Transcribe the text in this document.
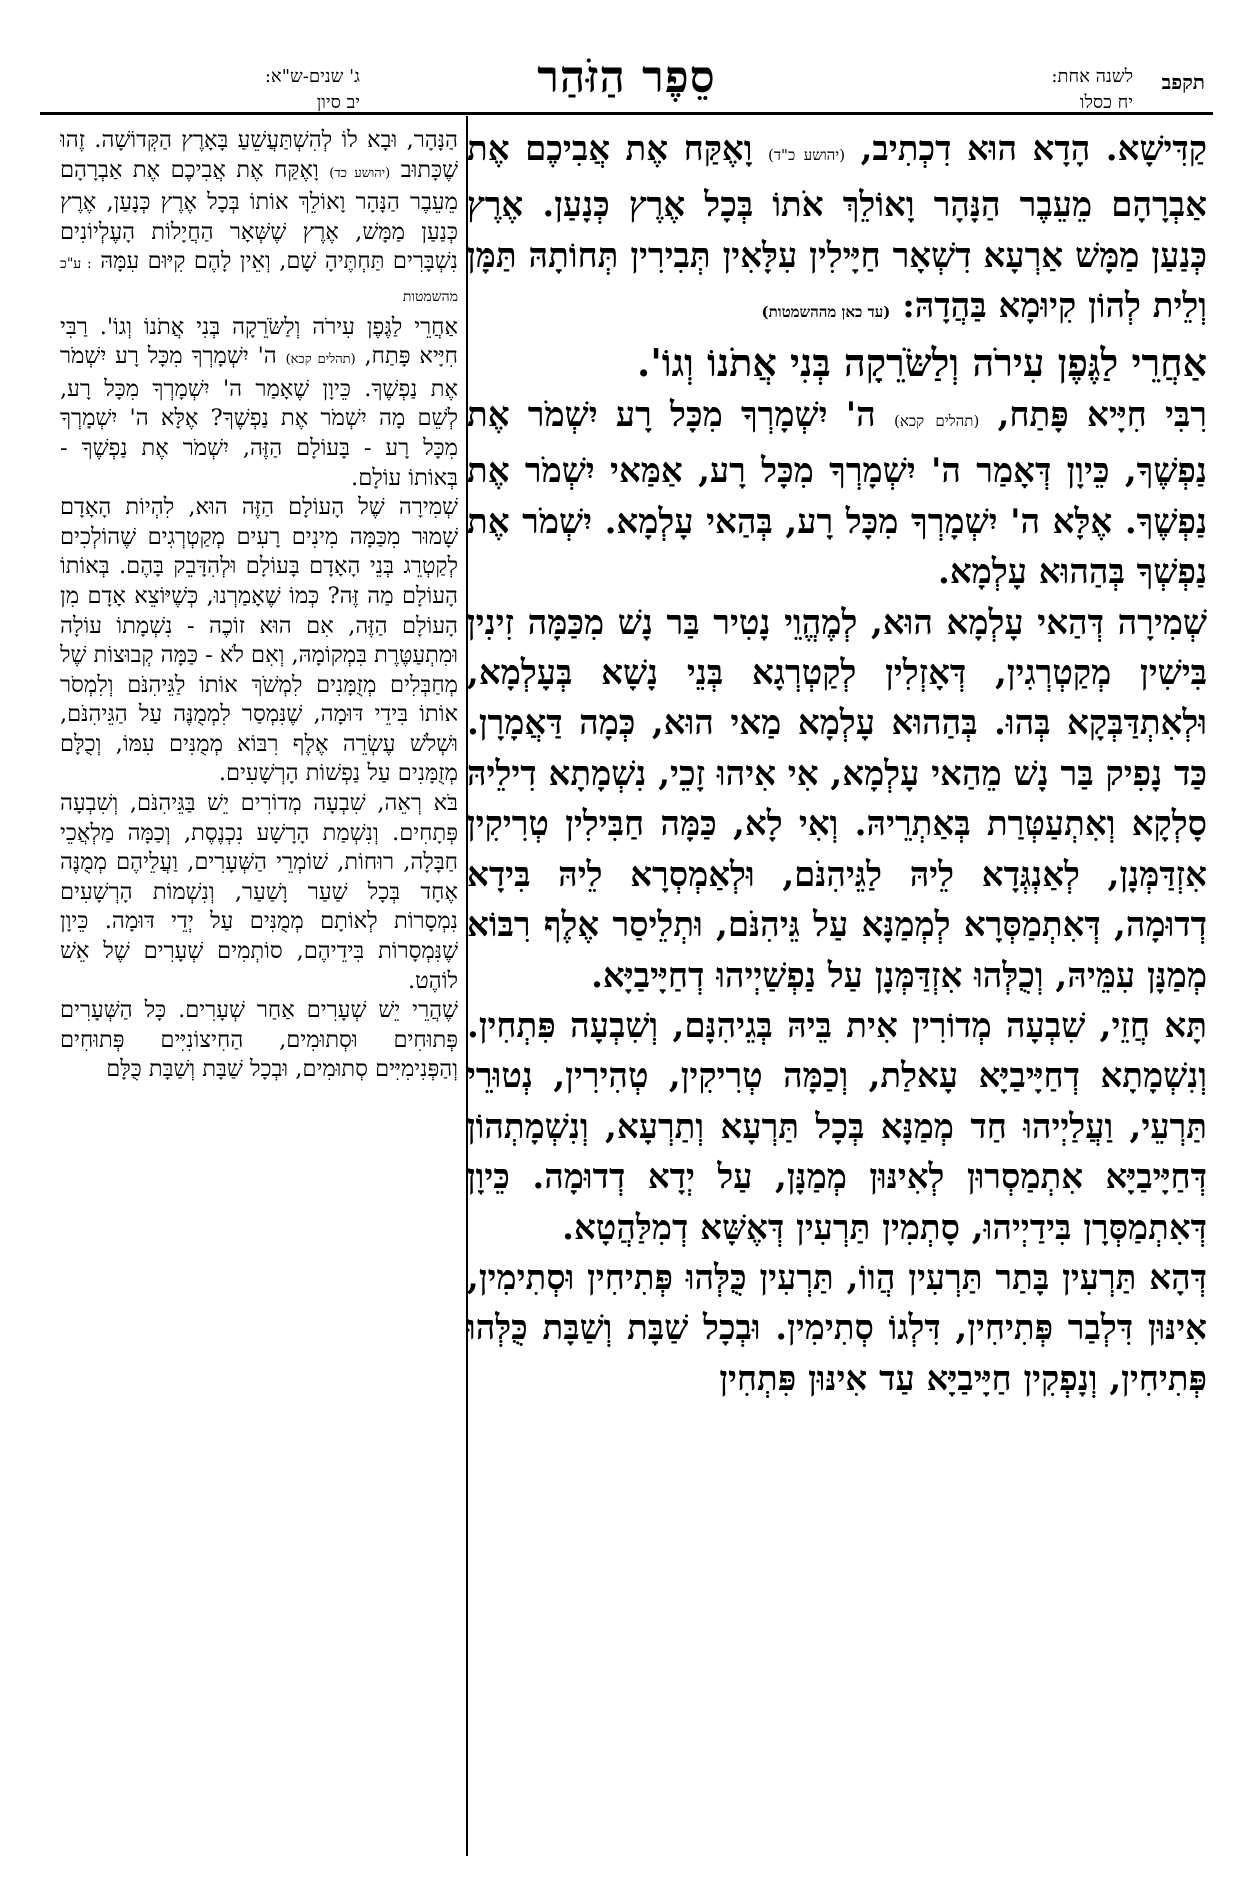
תקפב
לשנה אחת:
יח כסלו
סֵפֶר הַזֹּהַר
ג' שנים-ש"א:
יב סיון

קַדִּישָׁא. הָדָא הוּא דִכְתִיב, (יהושע כ"ד) וָאֶקַּח אֶת אֲבִיכֶם אֶת אַבְרָהָם מֵעֵבֶר הַנָּהָר וָאוֹלֵךְ אֹתוֹ בְּכָל אֶרֶץ כְּנָעַן. אֶרֶץ כְּנַעַן מַמָּשׁ אַרְעָא דִשְׁאָר חַיָּילִין עִלָּאִין תְּבִירִין תְּחוֹתָהּ תַּמָּן וְלֵית לְהוֹן קִיוּמָא בַּהֲדָהּ: (עד כאן מההשמטות)

אַחֲרֵי לַגֶּפֶן עִירֹה וְלַשֹּׂרֵקָה בְּנִי אֲתֹנוֹ וְגוֹ'.

רִבִּי חִיָּיא פָּתַח, (תהלים קכא) ה' יִשְׁמָרְךָ מִכָּל רָע יִשְׁמֹר אֶת נַפְשֶׁךָ, כֵּיוָן דְּאָמַר ה' יִשְׁמָרְךָ מִכָּל רָע, אַמַּאי יִשְׁמֹר אֶת נַפְשֶׁךָ. אֶלָּא ה' יִשְׁמָרְךָ מִכָּל רָע, בְּהַאי עָלְמָא. יִשְׁמֹר אֶת נַפְשְׁךָ בְּהַהוּא עָלְמָא.

שְׁמִירָה דְּהַאי עָלְמָא הוּא, לְמֶהֱוֵי נָטִיר בַּר נָשׁ מִכַּמָּה זִינִין בִּישִׁין מְקַטְרְגִין, דְּאָזְלִין לְקַטְרְגָא בְּנֵי נָשָׁא בְּעָלְמָא, וּלְאִתְדַּבְּקָא בְּהוּ. בְּהַהוּא עָלְמָא מַאי הוּא, כְּמָה דַּאֲמָרָן. כַּד נָפִיק בַּר נָשׁ מֵהַאי עָלְמָא, אִי אִיהוּ זָכֵי, נִשְׁמָתָא דִילֵיהּ סָלְקָא וְאִתְעַטְּרַת בְּאַתְרֵיהּ. וְאִי לָא, כַּמָּה חַבִּילִין טְרִיקִין אִזְדַּמְּנָן, לְאַנְגְּדָא לֵיהּ לַגֵּיהִנֹּם, וּלְאַמְסְרָא לֵיהּ בִּידָא דְדוּמָה, דְּאִתְמַסְּרָא לְמְמַנָּא עַל גֵּיהִנֹּם, וּתְלֵיסַר אֶלֶף רִבּוֹא מְמַנָּן עִמֵּיהּ, וְכֻלְּהוּ אִזְדַּמְּנָן עַל נַפְשַׁיְיהוּ דְחַיָּיבַיָּא.

תָּא חֲזֵי, שִׁבְעָה מְדוֹרִין אִית בֵּיהּ בְּגֵיהִנָּם, וְשִׁבְעָה פִּתְחִין. וְנִשְׁמָתָא דְחַיָּיבַיָּא עָאלַת, וְכַמָּה טְרִיקִין, טְהִירִין, נְטוּרֵי תַּרְעֵי, וַעֲלַיְיהוּ חַד מְמַנָּא בְּכָל תַּרְעָא וְתַרְעָא, וְנִשְׁמָתְהוֹן דְּחַיָּיבַיָּא אִתְמַסְרוּן לְאִינּוּן מְמַנָּן, עַל יְדָא דְדוּמָה. כֵּיוָן דְּאִתְמַסְּרָן בִּידַיְיהוּ, סָתְמִין תַּרְעִין דְּאֶשָּׁא דְמִלַּהֲטָא.

דְּהָא תַּרְעִין בָּתַר תַּרְעִין הֲווֹ, תַּרְעִין כֻּלְּהוּ פְּתִיחִין וּסְתִימִין, אִינּוּן דִּלְבַר פְּתִיחִין, דִּלְגוֹ סְתִימִין. וּבְכָל שַׁבָּת וְשַׁבָּת כֻּלְּהוּ פְּתִיחִין, וְנָפְקִין חַיָּיבַיָּא עַד אִינּוּן פִּתְחִין

הַנָּהָר, וּבָא לוֹ לְהִשְׁתַּעֲשֵׁעַ בָּאָרֶץ הַקְּדוֹשָׁה. זֶהוּ שֶׁכָּתוּב (יהושע כד) וָאֶקַּח אֶת אֲבִיכֶם אֶת אַבְרָהָם מֵעֵבֶר הַנָּהָר וָאוֹלֵךְ אוֹתוֹ בְּכָל אֶרֶץ כְּנָעַן, אֶרֶץ כְּנַעַן מַמָּשׁ, אֶרֶץ שֶׁשְּׁאָר הַחֲיָלוֹת הָעֶלְיוֹנִים נִשְׁבָּרִים תַּחְתֶּיהָ שָׁם, וְאֵין לָהֶם קִיּוּם עִמָּהּ : ע"כ מהשמטות

אַחֲרֵי לַגֶּפֶן עִירֹה וְלַשֹּׂרֵקָה בְּנִי אֲתֹנוֹ וְגוֹ'. רַבִּי חִיָּיא פָּתַח, (תהלים קכא) ה' יִשְׁמָרְךָ מִכָּל רָע יִשְׁמֹר אֶת נַפְשֶׁךָ. כֵּיוָן שֶׁאָמַר ה' יִשְׁמָרְךָ מִכָּל רָע, לְשֵׁם מָה יִשְׁמֹר אֶת נַפְשֶׁךָ? אֶלָּא ה' יִשְׁמָרְךָ מִכָּל רָע - בָּעוֹלָם הַזֶּה, יִשְׁמֹר אֶת נַפְשֶׁךָ - בְּאוֹתוֹ עוֹלָם.

שְׁמִירָה שֶׁל הָעוֹלָם הַזֶּה הוּא, לִהְיוֹת הָאָדָם שָׁמוּר מִכַּמָּה מִינִים רָעִים מְקַטְרְגִים שֶׁהוֹלְכִים לְקַטְרֵג בְּנֵי הָאָדָם בָּעוֹלָם וּלְהִדָּבֵק בָּהֶם. בְּאוֹתוֹ הָעוֹלָם מַה זֶּה? כְּמוֹ שֶׁאָמַרְנוּ, כְּשֶׁיּוֹצֵא אָדָם מִן הָעוֹלָם הַזֶּה, אִם הוּא זוֹכֶה - נִשְׁמָתוֹ עוֹלָה וּמִתְעַטֶּרֶת בִּמְקוֹמָהּ, וְאִם לֹא - כַּמָּה קְבוּצוֹת שֶׁל מְחַבְּלִים מְזֻמָּנִים לִמְשֹׁךְ אוֹתוֹ לַגֵּיהִנֹּם וְלִמְסֹר אוֹתוֹ בִּידֵי דּוּמָה, שֶׁנִּמְסַר לִמְמֻנֶּה עַל הַגֵּיהִנֹּם, וּשְׁלֹשׁ עֶשְׂרֵה אֶלֶף רִבּוֹא מְמֻנִּים עִמּוֹ, וְכֻלָּם מְזֻמָּנִים עַל נַפְשׁוֹת הָרְשָׁעִים.

בֹּא רְאֵה, שִׁבְעָה מְדוֹרִים יֵשׁ בַּגֵּיהִנֹּם, וְשִׁבְעָה פְּתָחִים. וְנִשְׁמַת הָרָשָׁע נִכְנֶסֶת, וְכַמָּה מַלְאֲכֵי חַבָּלָה, רוּחוֹת, שׁוֹמְרֵי הַשְּׁעָרִים, וַעֲלֵיהֶם מְמֻנֶּה אֶחָד בְּכָל שַׁעַר וָשַׁעַר, וְנִשְׁמוֹת הָרְשָׁעִים נִמְסָרוֹת לְאוֹתָם מְמֻנִּים עַל יְדֵי דּוּמָה. כֵּיוָן שֶׁנִּמְסָרוֹת בִּידֵיהֶם, סוֹתְמִים שְׁעָרִים שֶׁל אֵשׁ לוֹהֶט.

שֶׁהֲרֵי יֵשׁ שְׁעָרִים אַחַר שְׁעָרִים. כָּל הַשְּׁעָרִים פְּתוּחִים וּסְתוּמִים, הַחִיצוֹנִיִּים פְּתוּחִים וְהַפְּנִימִיִּים סְתוּמִים, וּבְכָל שַׁבָּת וְשַׁבָּת כֻּלָּם
